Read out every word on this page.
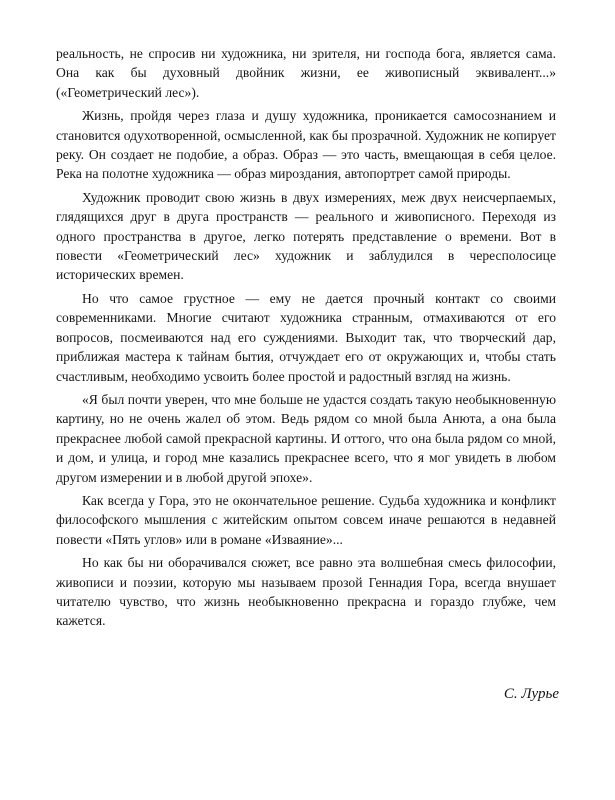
реальность, не спросив ни художника, ни зрителя, ни господа бога, является сама. Она как бы духовный двойник жизни, ее живописный эквивалент...» («Геометрический лес»).

Жизнь, пройдя через глаза и душу художника, проникается самосознанием и становится одухотворенной, осмысленной, как бы прозрачной. Художник не копирует реку. Он создает не подобие, а образ. Образ — это часть, вмещающая в себя целое. Река на полотне художника — образ мироздания, автопортрет самой природы.

Художник проводит свою жизнь в двух измерениях, меж двух неисчерпаемых, глядящихся друг в друга пространств — реального и живописного. Переходя из одного пространства в другое, легко потерять представление о времени. Вот в повести «Геометрический лес» художник и заблудился в чересполосице исторических времен.

Но что самое грустное — ему не дается прочный контакт со своими современниками. Многие считают художника странным, отмахиваются от его вопросов, посмеиваются над его суждениями. Выходит так, что творческий дар, приближая мастера к тайнам бытия, отчуждает его от окружающих и, чтобы стать счастливым, необходимо усвоить более простой и радостный взгляд на жизнь.

«Я был почти уверен, что мне больше не удастся создать такую необыкновенную картину, но не очень жалел об этом. Ведь рядом со мной была Анюта, а она была прекраснее любой самой прекрасной картины. И оттого, что она была рядом со мной, и дом, и улица, и город мне казались прекраснее всего, что я мог увидеть в любом другом измерении и в любой другой эпохе».

Как всегда у Гора, это не окончательное решение. Судьба художника и конфликт философского мышления с житейским опытом совсем иначе решаются в недавней повести «Пять углов» или в романе «Изваяние»...

Но как бы ни оборачивался сюжет, все равно эта волшебная смесь философии, живописи и поэзии, которую мы называем прозой Геннадия Гора, всегда внушает читателю чувство, что жизнь необыкновенно прекрасна и гораздо глубже, чем кажется.

С. Лурье
